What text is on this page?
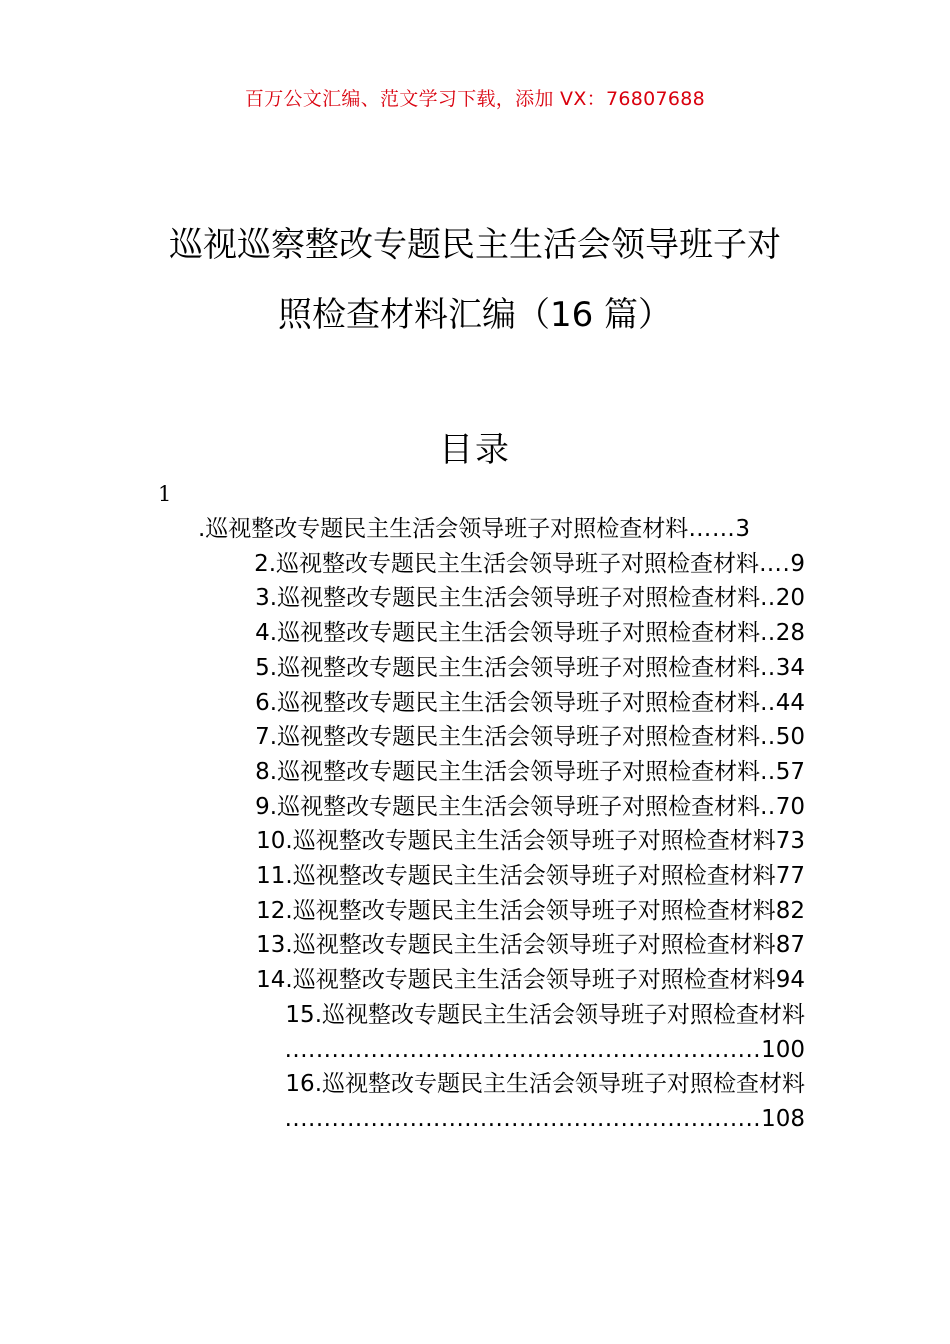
百万公文汇编、范文学习下载，添加 VX：76807688
巡视巡察整改专题民主生活会领导班子对
照检查材料汇编（16 篇）
目录
1
.巡视整改专题民主生活会领导班子对照检查材料……3
2.巡视整改专题民主生活会领导班子对照检查材料….9
3.巡视整改专题民主生活会领导班子对照检查材料..20
4.巡视整改专题民主生活会领导班子对照检查材料..28
5.巡视整改专题民主生活会领导班子对照检查材料..34
6.巡视整改专题民主生活会领导班子对照检查材料..44
7.巡视整改专题民主生活会领导班子对照检查材料..50
8.巡视整改专题民主生活会领导班子对照检查材料..57
9.巡视整改专题民主生活会领导班子对照检查材料..70
10.巡视整改专题民主生活会领导班子对照检查材料73
11.巡视整改专题民主生活会领导班子对照检查材料77
12.巡视整改专题民主生活会领导班子对照检查材料82
13.巡视整改专题民主生活会领导班子对照检查材料87
14.巡视整改专题民主生活会领导班子对照检查材料94
15.巡视整改专题民主生活会领导班子对照检查材料
.............................................................100
16.巡视整改专题民主生活会领导班子对照检查材料
.............................................................108
